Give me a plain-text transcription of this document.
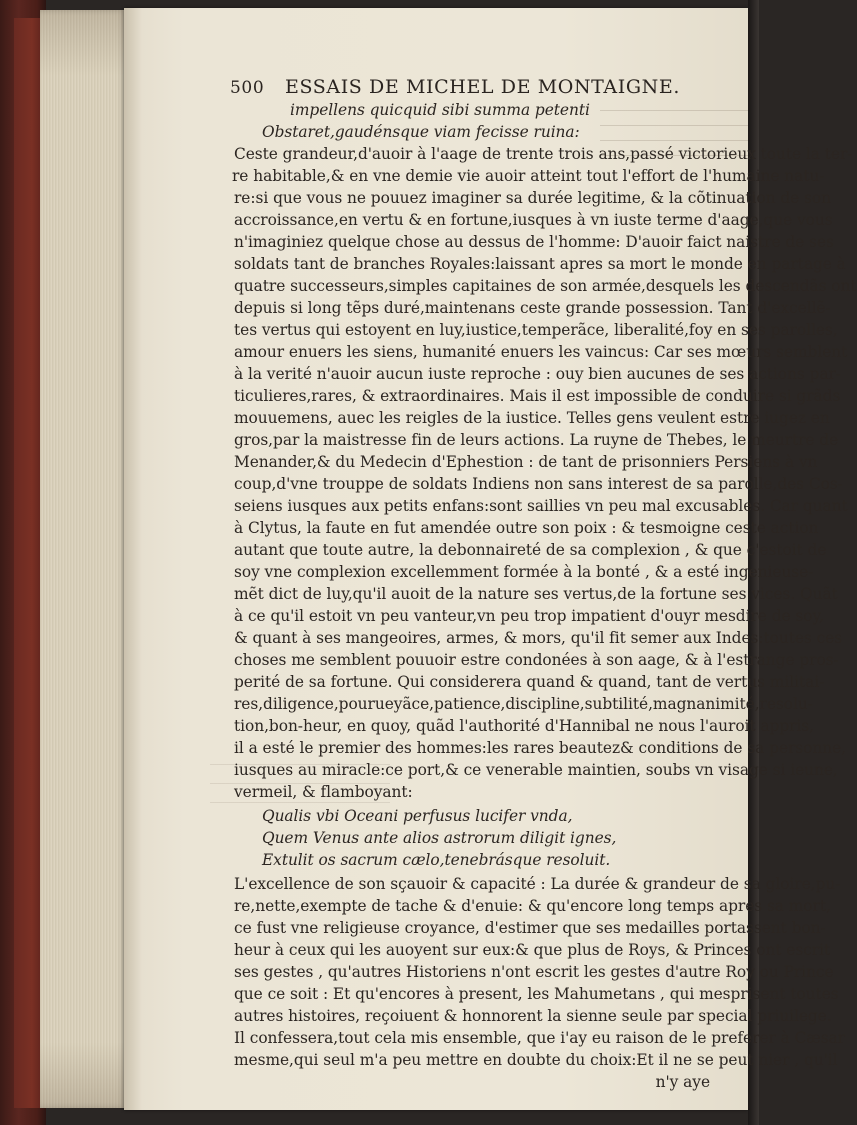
500 ESSAIS DE MICHEL DE MONTAIGNE.
impellens quicquid sibi summa petenti
Obstaret,gaudénsque viam fecisse ruina:
Ceste grandeur,d'auoir à l'aage de trente trois ans,passé victorieux toute la ter-
re habitable,& en vne demie vie auoir atteint tout l'effort de l'humaine natu-
re:si que vous ne pouuez imaginer sa durée legitime, & la cõtinuation de son
accroissance,en vertu & en fortune,iusques à vn iuste terme d'aage,que vous
n'imaginiez quelque chose au dessus de l'homme: D'auoir faict naistre de ses
soldats tant de branches Royales:laissant apres sa mort le monde en partage à
quatre successeurs,simples capitaines de son armée,desquels les descendãs ont
depuis si long tẽps duré,maintenans ceste grande possession. Tant d'excellẽ-
tes vertus qui estoyent en luy,iustice,temperãce, liberalité,foy en ses parolles,
amour enuers les siens, humanité enuers les vaincus: Car ses mœurs semblent
à la verité n'auoir aucun iuste reproche : ouy bien aucunes de ses actions par-
ticulieres,rares, & extraordinaires. Mais il est impossible de conduire si grãds
mouuemens, auec les reigles de la iustice. Telles gens veulent estre iugez en
gros,par la maistresse fin de leurs actions. La ruyne de Thebes, le meurtre de
Menander,& du Medecin d'Ephestion : de tant de prisonniers Persiens à vn
coup,d'vne trouppe de soldats Indiens non sans interest de sa parolle,des Cos-
seiens iusques aux petits enfans:sont saillies vn peu mal excusables. Car quant
à Clytus, la faute en fut amendée outre son poix : & tesmoigne ceste action
autant que toute autre, la debonnaireté de sa complexion , & que c'estoit de
soy vne complexion excellemment formée à la bonté , & a esté ingenieuse-
mẽt dict de luy,qu'il auoit de la nature ses vertus,de la fortune ses vices. Quãt
à ce qu'il estoit vn peu vanteur,vn peu trop impatient d'ouyr mesdire de soy,
& quant à ses mangeoires, armes, & mors, qu'il fit semer aux Indes:toutes ces
choses me semblent pouuoir estre condonées à son aage, & à l'estrange pros-
perité de sa fortune. Qui considerera quand & quand, tant de vertus militai-
res,diligence,pourueyãce,patience,discipline,subtilité,magnanimité,resolu-
tion,bon-heur, en quoy, quãd l'authorité d'Hannibal ne nous l'auroit appris,
il a esté le premier des hommes:les rares beautez& conditions de sa personne,
iusques au miracle:ce port,& ce venerable maintien, soubs vn visage si ieune,
vermeil, & flamboyant:
Qualis vbi Oceani perfusus lucifer vnda,
Quem Venus ante alios astrorum diligit ignes,
Extulit os sacrum cælo,tenebrásque resoluit.
L'excellence de son sçauoir & capacité : La durée & grandeur de sa gloire,pu-
re,nette,exempte de tache & d'enuie: & qu'encore long temps apres sa mort,
ce fust vne religieuse croyance, d'estimer que ses medailles portassent bon-
heur à ceux qui les auoyent sur eux:& que plus de Roys, & Princes ont escrit
ses gestes , qu'autres Historiens n'ont escrit les gestes d'autre Roy ou Prince
que ce soit : Et qu'encores à present, les Mahumetans , qui mesprisent toutes
autres histoires, reçoiuent & honnorent la sienne seule par special priuilege.
Il confessera,tout cela mis ensemble, que i'ay eu raison de le preferer à Cæsar
mesme,qui seul m'a peu mettre en doubte du choix:Et il ne se peut nier , qu'il
n'y aye
